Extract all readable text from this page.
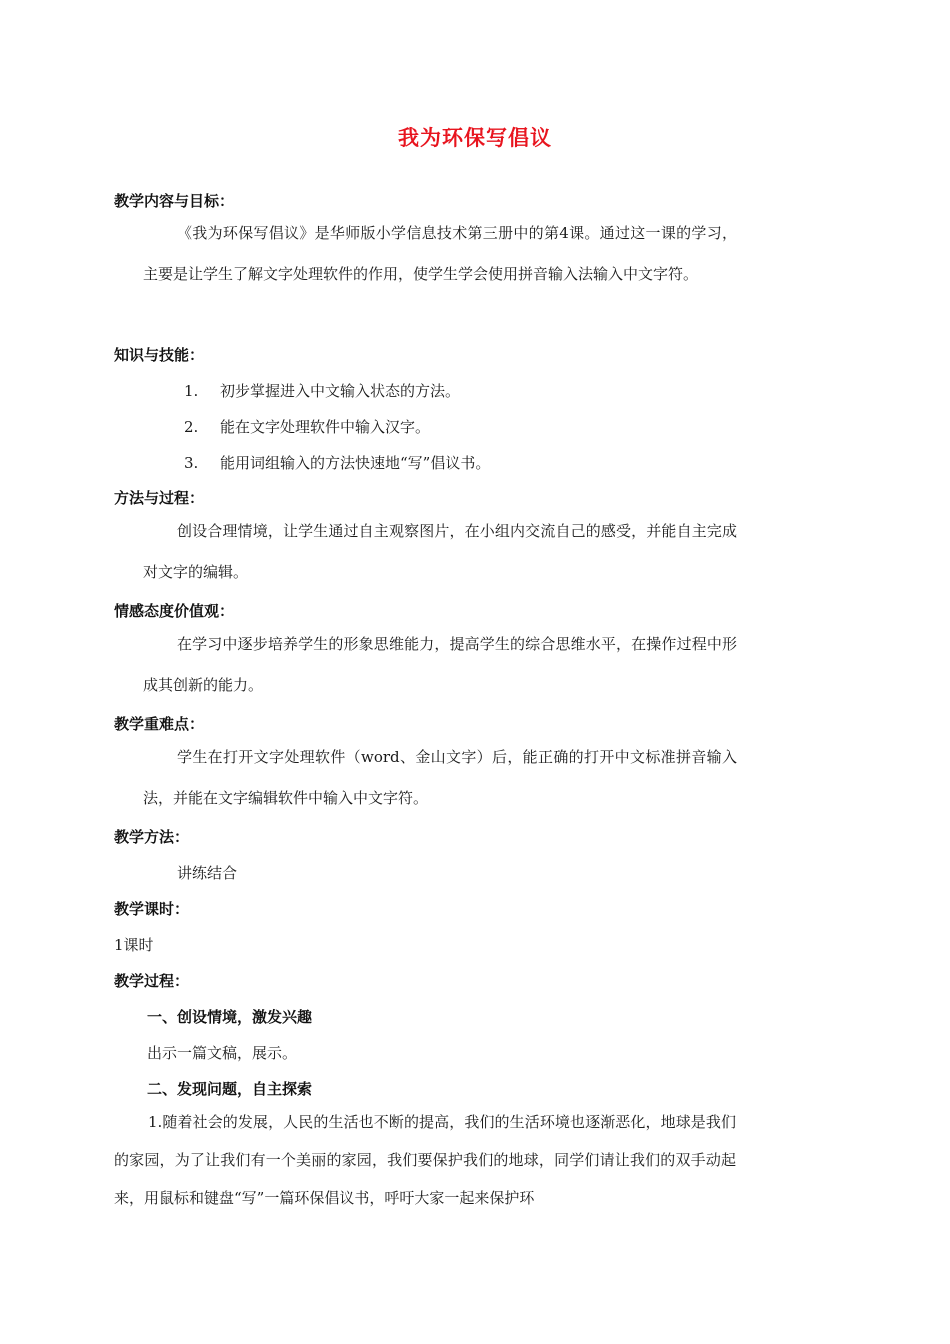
我为环保写倡议
教学内容与目标：
《我为环保写倡议》是华师版小学信息技术第三册中的第4课。通过这一课的学习，主要是让学生了解文字处理软件的作用，使学生学会使用拼音输入法输入中文字符。
知识与技能：
1. 初步掌握进入中文输入状态的方法。
2. 能在文字处理软件中输入汉字。
3. 能用词组输入的方法快速地“写”倡议书。
方法与过程：
创设合理情境，让学生通过自主观察图片，在小组内交流自己的感受，并能自主完成对文字的编辑。
情感态度价值观：
在学习中逐步培养学生的形象思维能力，提高学生的综合思维水平，在操作过程中形成其创新的能力。
教学重难点：
学生在打开文字处理软件（word、金山文字）后，能正确的打开中文标准拼音输入法，并能在文字编辑软件中输入中文字符。
教学方法：
讲练结合
教学课时：
1课时
教学过程：
一、创设情境，激发兴趣
出示一篇文稿，展示。
二、发现问题，自主探索
1.随着社会的发展，人民的生活也不断的提高，我们的生活环境也逐渐恶化，地球是我们的家园，为了让我们有一个美丽的家园，我们要保护我们的地球，同学们请让我们的双手动起来，用鼠标和键盘“写”一篇环保倡议书，呼吁大家一起来保护环
